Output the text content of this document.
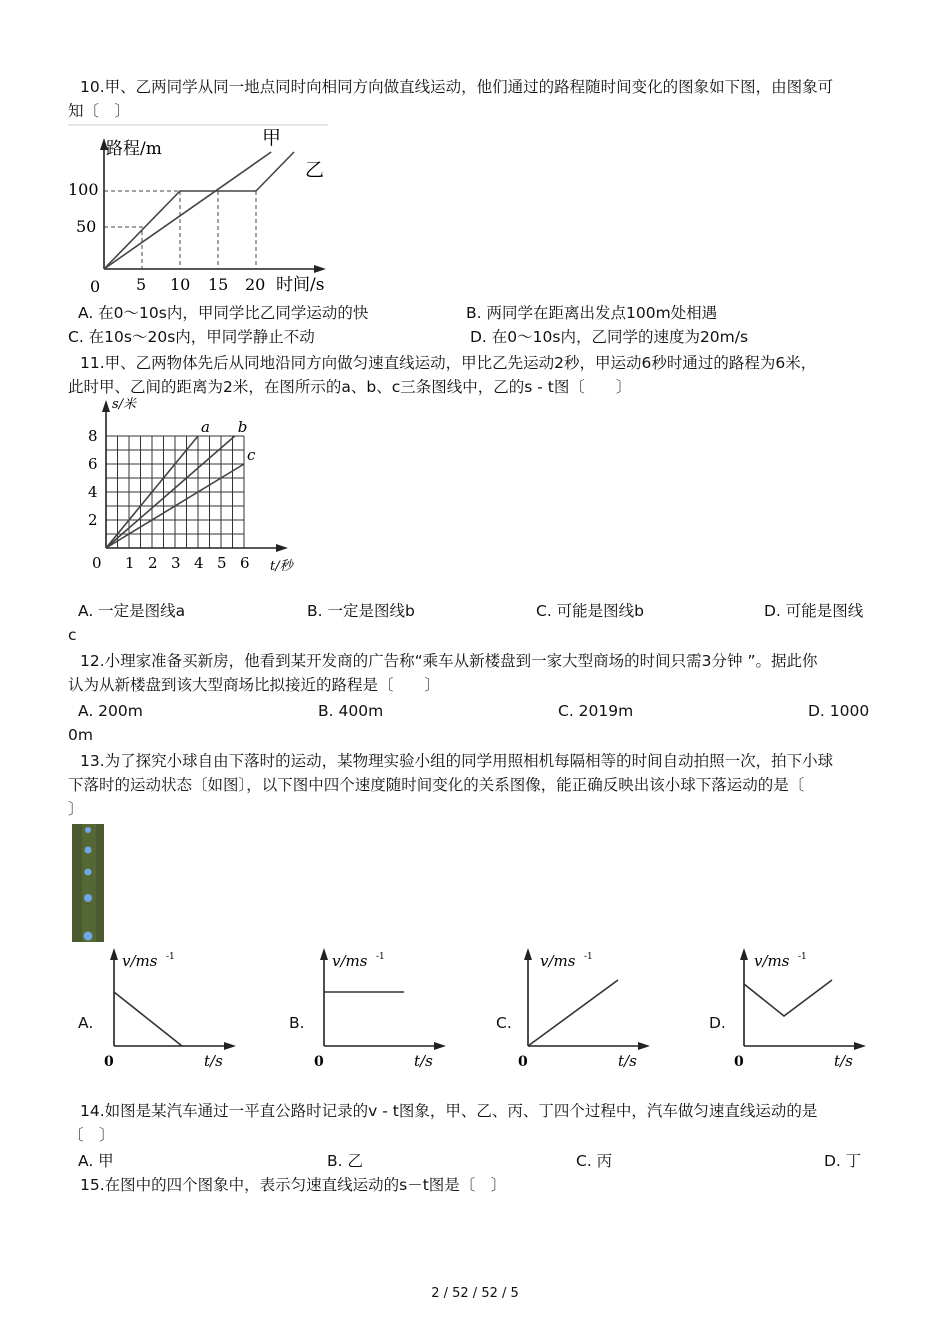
10.甲、乙两同学从同一地点同时向相同方向做直线运动，他们通过的路程随时间变化的图象如下图，由图象可
知〔　〕
路程/m
时间/s
0
100
50
5 10 15 20
甲
乙
A. 在0～10s内，甲同学比乙同学运动的快	B. 两同学在距离出发点100m处相遇
C. 在10s～20s内，甲同学静止不动	D. 在0～10s内，乙同学的速度为20m/s
11.甲、乙两物体先后从同地沿同方向做匀速直线运动，甲比乙先运动2秒，甲运动6秒时通过的路程为6米，
此时甲、乙间的距离为2米，在图所示的a、b、c三条图线中，乙的s - t图〔　　〕
s/米
t/秒
0 1 2 3 4 5 6
2
4
6
8	a b
c
A. 一定是图线a	B. 一定是图线b	C. 可能是图线b	D. 可能是图线
c
12.小理家准备买新房，他看到某开发商的广告称“乘车从新楼盘到一家大型商场的时间只需3分钟 ”。据此你
认为从新楼盘到该大型商场比拟接近的路程是〔　　〕
A. 200m	B. 400m	C. 2019m	D. 1000
0m
13.为了探究小球自由下落时的运动，某物理实验小组的同学用照相机每隔相等的时间自动拍照一次，拍下小球
下落时的运动状态〔如图〕，以下图中四个速度随时间变化的关系图像，能正确反映出该小球下落运动的是〔
〕
A.	B.	C.	D.
v/ms -1
t/s
0
v/ms -1
t/s
0
v/ms -1
t/s
0
v/ms -1
t/s
0
14.如图是某汽车通过一平直公路时记录的v - t图象，甲、乙、丙、丁四个过程中，汽车做匀速直线运动的是
〔　〕
A. 甲	B. 乙	C. 丙	D. 丁
15.在图中的四个图象中，表示匀速直线运动的s－t图是〔　〕
2 / 52 / 52 / 5
